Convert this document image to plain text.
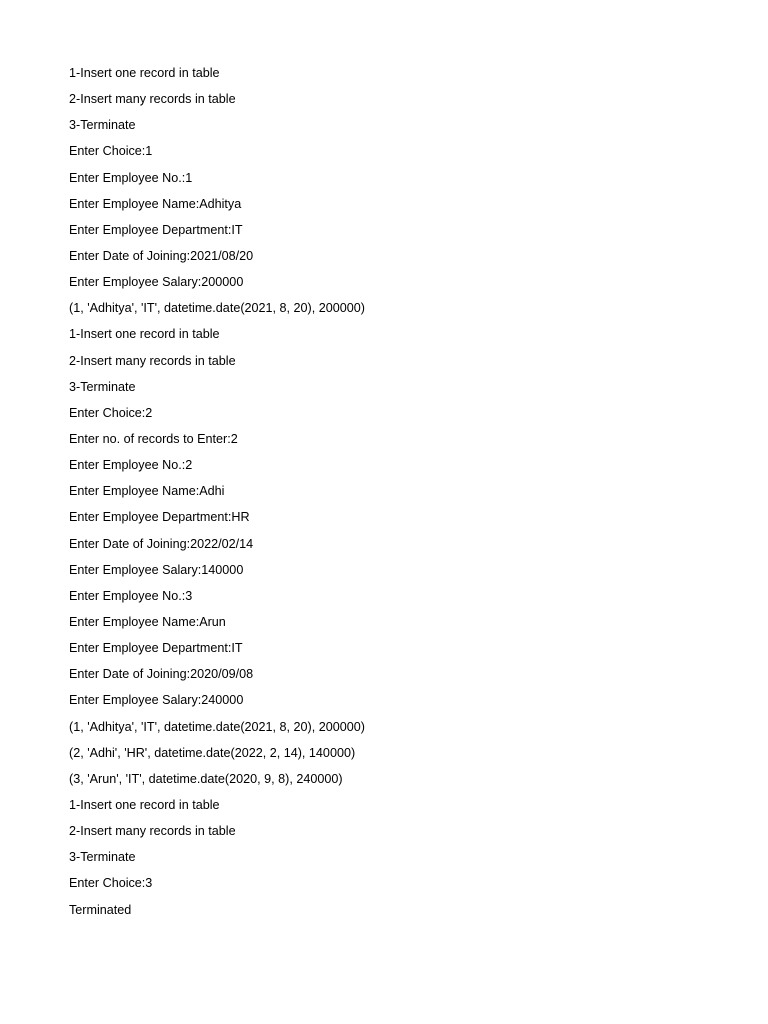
1-Insert one record in table
2-Insert many records in table
3-Terminate
Enter Choice:1
Enter Employee No.:1
Enter Employee Name:Adhitya
Enter Employee Department:IT
Enter Date of Joining:2021/08/20
Enter Employee Salary:200000
(1, 'Adhitya', 'IT', datetime.date(2021, 8, 20), 200000)
1-Insert one record in table
2-Insert many records in table
3-Terminate
Enter Choice:2
Enter no. of records to Enter:2
Enter Employee No.:2
Enter Employee Name:Adhi
Enter Employee Department:HR
Enter Date of Joining:2022/02/14
Enter Employee Salary:140000
Enter Employee No.:3
Enter Employee Name:Arun
Enter Employee Department:IT
Enter Date of Joining:2020/09/08
Enter Employee Salary:240000
(1, 'Adhitya', 'IT', datetime.date(2021, 8, 20), 200000)
(2, 'Adhi', 'HR', datetime.date(2022, 2, 14), 140000)
(3, 'Arun', 'IT', datetime.date(2020, 9, 8), 240000)
1-Insert one record in table
2-Insert many records in table
3-Terminate
Enter Choice:3
Terminated
